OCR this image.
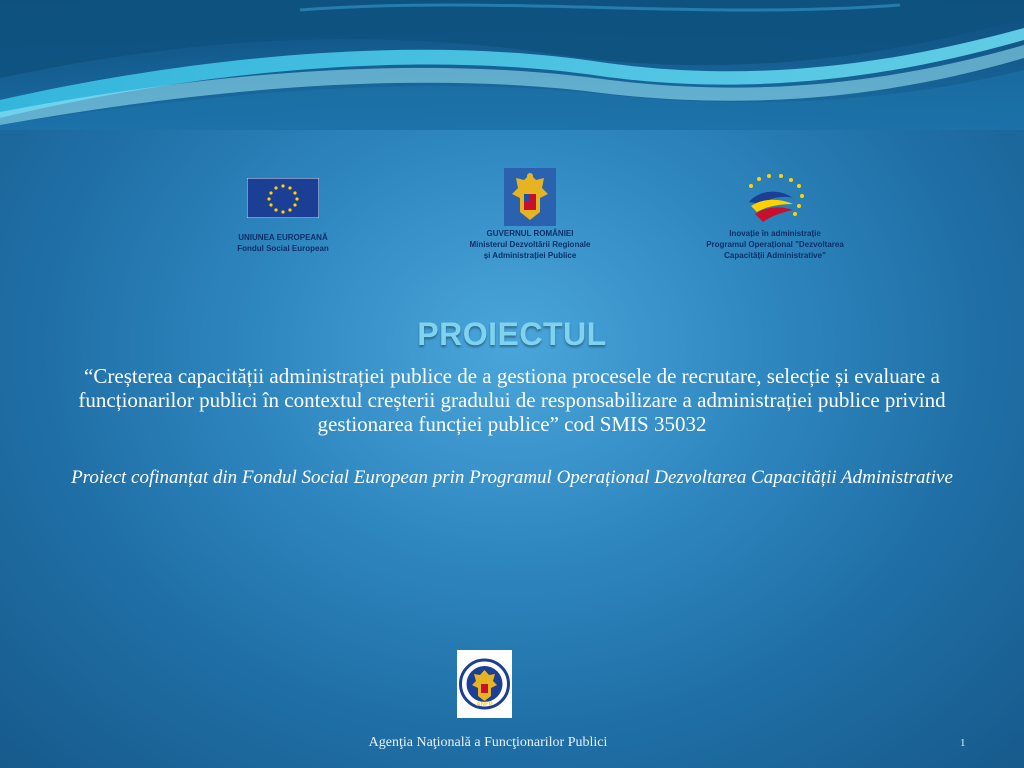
UNIUNEA EUROPEANĂ
Fondul Social European
GUVERNUL ROMÂNIEI
Ministerul Dezvoltării Regionale
și Administrației Publice
Inovație în administrație
Programul Operațional "Dezvoltarea
Capacității Administrative"
PROIECTUL
“Creșterea capacității administrației publice de a gestiona procesele de recrutare, selecție și evaluare a funcționarilor publici în contextul creșterii gradului de responsabilizare a administrației publice privind gestionarea funcției publice” cod SMIS 35032
Proiect cofinanțat din Fondul Social European prin Programul Operațional Dezvoltarea Capacității Administrative
ANFP
Agenţia Naţională a Funcţionarilor Publici	1
